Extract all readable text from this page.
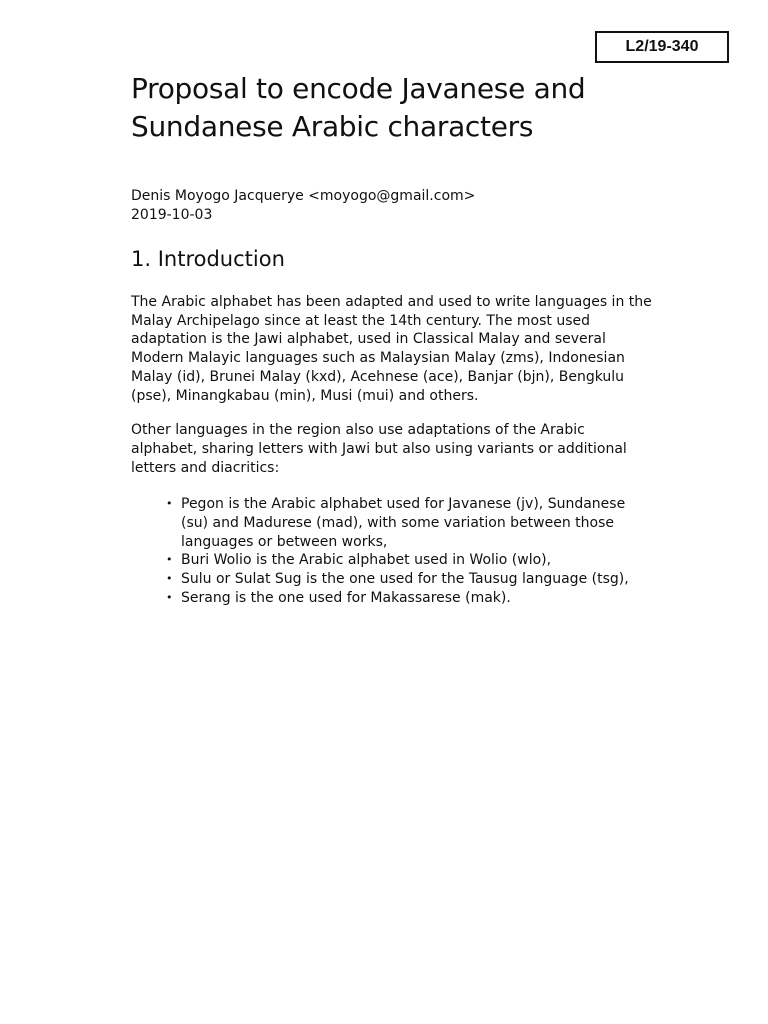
L2/19-340
Proposal to encode Javanese and
Sundanese Arabic characters
Denis Moyogo Jacquerye <moyogo@gmail.com>
2019-10-03
1. Introduction

The Arabic alphabet has been adapted and used to write languages in the
Malay Archipelago since at least the 14th century. The most used
adaptation is the Jawi alphabet, used in Classical Malay and several
Modern Malayic languages such as Malaysian Malay (zms), Indonesian
Malay (id), Brunei Malay (kxd), Acehnese (ace), Banjar (bjn), Bengkulu
(pse), Minangkabau (min), Musi (mui) and others.

Other languages in the region also use adaptations of the Arabic
alphabet, sharing letters with Jawi but also using variants or additional
letters and diacritics:

• Pegon is the Arabic alphabet used for Javanese (jv), Sundanese
(su) and Madurese (mad), with some variation between those
languages or between works,
• Buri Wolio is the Arabic alphabet used in Wolio (wlo),
• Sulu or Sulat Sug is the one used for the Tausug language (tsg),
• Serang is the one used for Makassarese (mak).
